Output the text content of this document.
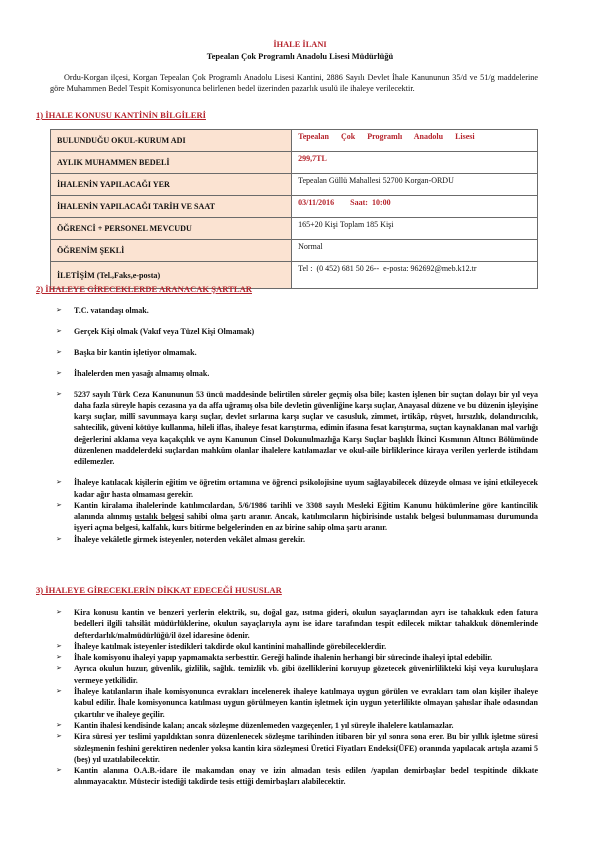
İHALE İLANI
Tepealan Çok Programlı Anadolu Lisesi Müdürlüğü

Ordu-Korgan ilçesi, Korgan Tepealan Çok Programlı Anadolu Lisesi Kantini, 2886 Sayılı Devlet İhale Kanununun 35/d ve 51/g maddelerine göre Muhammen Bedel Tespit Komisyonunca belirlenen bedel üzerinden pazarlık usulü ile ihaleye verilecektir.

1) İHALE KONUSU KANTİNİN BİLGİLERİ
BULUNDUĞU OKUL-KURUM ADI	Tepealan Çok Programlı Anadolu Lisesi
AYLIK MUHAMMEN BEDELİ	299,7TL
İHALENİN YAPILACAĞI YER	Tepealan Güllü Mahallesi 52700 Korgan-ORDU
İHALENİN YAPILACAĞI TARİH VE SAAT	03/11/2016        Saat:  10:00
ÖĞRENCİ + PERSONEL MEVCUDU	165+20 Kişi Toplam 185 Kişi
ÖĞRENİM ŞEKLİ	Normal
İLETİŞİM (Tel.,Faks,e-posta)	Tel :  (0 452) 681 50 26--  e-posta: 962692@meb.k12.tr
2) İHALEYE GİRECEKLERDE ARANACAK ŞARTLAR
➢ T.C. vatandaşı olmak.
➢ Gerçek Kişi olmak (Vakıf veya Tüzel Kişi Olmamak)
➢ Başka bir kantin işletiyor olmamak.
➢ İhalelerden men yasağı almamış olmak.
➢ 5237 sayılı Türk Ceza Kanununun 53 üncü maddesinde belirtilen süreler geçmiş olsa bile; kasten işlenen bir suçtan dolayı bir yıl veya daha fazla süreyle hapis cezasına ya da affa uğramış olsa bile devletin güvenliğine karşı suçlar, Anayasal düzene ve bu düzenin işleyişine karşı suçlar, millî savunmaya karşı suçlar, devlet sırlarına karşı suçlar ve casusluk, zimmet, irtikâp, rüşvet, hırsızlık, dolandırıcılık, sahtecilik, güveni kötüye kullanma, hileli iflas, ihaleye fesat karıştırma, edimin ifasına fesat karıştırma, suçtan kaynaklanan mal varlığı değerlerini aklama veya kaçakçılık ve aynı Kanunun Cinsel Dokunulmazlığa Karşı Suçlar başlıklı İkinci Kısmının Altıncı Bölümünde düzenlenen maddelerdeki suçlardan mahkûm olanlar ihalelere katılamazlar ve okul-aile birliklerince kiraya verilen yerlerde istihdam edilemezler.
➢ İhaleye katılacak kişilerin eğitim ve öğretim ortamına ve öğrenci psikolojisine uyum sağlayabilecek düzeyde olması ve işini etkileyecek kadar ağır hasta olmaması gerekir.
➢ Kantin kiralama ihalelerinde katılımcılardan, 5/6/1986 tarihli ve 3308 sayılı Mesleki Eğitim Kanunu hükümlerine göre kantincilik alanında alınmış ustalık belgesi sahibi olma şartı aranır. Ancak, katılımcıların hiçbirisinde ustalık belgesi bulunmaması durumunda işyeri açma belgesi, kalfalık, kurs bitirme belgelerinden en az birine sahip olma şartı aranır.
➢ İhaleye vekâletle girmek isteyenler, noterden vekâlet alması gerekir.
3) İHALEYE GİRECEKLERİN DİKKAT EDECEĞİ HUSUSLAR
➢ Kira konusu kantin ve benzeri yerlerin elektrik, su, doğal gaz, ısıtma gideri, okulun sayaçlarından ayrı ise tahakkuk eden fatura bedelleri ilgili tahsilât müdürlüklerine, okulun sayaçlarıyla aynı ise idare tarafından tespit edilecek miktar tahakkuk dönemlerinde defterdarlık/malmüdürlüğü/il özel idaresine ödenir.
➢ İhaleye katılmak isteyenler istedikleri takdirde okul kantinini mahallinde görebileceklerdir.
➢ İhale komisyonu ihaleyi yapıp yapmamakta serbesttir. Gereği halinde ihalenin herhangi bir sürecinde ihaleyi iptal edebilir.
➢ Ayrıca okulun huzur, güvenlik, gizlilik, sağlık. temizlik vb. gibi özelliklerini koruyup gözetecek güvenirlilikteki kişi veya kuruluşlara vermeye yetkilidir.
➢ İhaleye katılanların ihale komisyonunca evrakları incelenerek ihaleye katılmaya uygun görülen ve evrakları tam olan kişiler ihaleye kabul edilir. İhale komisyonunca katılması uygun görülmeyen kantin işletmek için uygun yeterlilikte olmayan şahıslar ihale odasından çıkartılır ve ihaleye geçilir.
➢ Kantin ihalesi kendisinde kalan; ancak sözleşme düzenlemeden vazgeçenler, 1 yıl süreyle ihalelere katılamazlar.
➢ Kira süresi yer teslimi yapıldıktan sonra düzenlenecek sözleşme tarihinden itibaren bir yıl sonra sona erer. Bu bir yıllık işletme süresi sözleşmenin feshini gerektiren nedenler yoksa kantin kira sözleşmesi Üretici Fiyatları Endeksi(ÜFE) oranında yapılacak artışla azami 5 (beş) yıl uzatılabilecektir.
➢ Kantin alanına O.A.B.-idare ile makamdan onay ve izin almadan tesis edilen /yapılan demirbaşlar bedel tespitinde dikkate alınmayacaktır. Müstecir istediği takdirde tesis ettiği demirbaşları alabilecektir.
